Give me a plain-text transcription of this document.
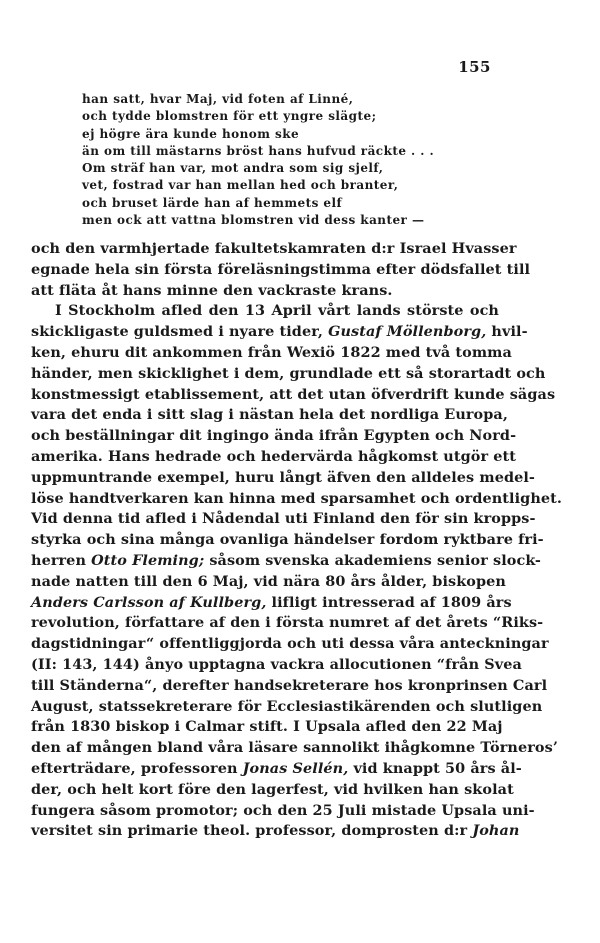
155
han satt, hvar Maj, vid foten af Linné,
och tydde blomstren för ett yngre slägte;
ej högre ära kunde honom ske
än om till mästarns bröst hans hufvud räckte . . .
Om sträf han var, mot andra som sig sjelf,
vet, fostrad var han mellan hed och branter,
och bruset lärde han af hemmets elf
men ock att vattna blomstren vid dess kanter —
och den varmhjertade fakultetskamraten d:r Israel Hvasser
egnade hela sin första föreläsningstimma efter dödsfallet till
att fläta åt hans minne den vackraste krans.
I Stockholm afled den 13 April vårt lands störste och
skickligaste guldsmed i nyare tider, Gustaf Möllenborg, hvil-
ken, ehuru dit ankommen från Wexiö 1822 med två tomma
händer, men skicklighet i dem, grundlade ett så storartadt och
konstmessigt etablissement, att det utan öfverdrift kunde sägas
vara det enda i sitt slag i nästan hela det nordliga Europa,
och beställningar dit ingingo ända ifrån Egypten och Nord-
amerika. Hans hedrade och hedervärda hågkomst utgör ett
uppmuntrande exempel, huru långt äfven den alldeles medel-
löse handtverkaren kan hinna med sparsamhet och ordentlighet.
Vid denna tid afled i Nådendal uti Finland den för sin kropps-
styrka och sina många ovanliga händelser fordom ryktbare fri-
herren Otto Fleming; såsom svenska akademiens senior slock-
nade natten till den 6 Maj, vid nära 80 års ålder, biskopen
Anders Carlsson af Kullberg, lifligt intresserad af 1809 års
revolution, författare af den i första numret af det årets “Riks-
dagstidningar“ offentliggjorda och uti dessa våra anteckningar
(II: 143, 144) ånyo upptagna vackra allocutionen “från Svea
till Ständerna“, derefter handsekreterare hos kronprinsen Carl
August, statssekreterare för Ecclesiastikärenden och slutligen
från 1830 biskop i Calmar stift. I Upsala afled den 22 Maj
den af mången bland våra läsare sannolikt ihågkomne Törneros’
efterträdare, professoren Jonas Sellén, vid knappt 50 års ål-
der, och helt kort före den lagerfest, vid hvilken han skolat
fungera såsom promotor; och den 25 Juli mistade Upsala uni-
versitet sin primarie theol. professor, domprosten d:r Johan
